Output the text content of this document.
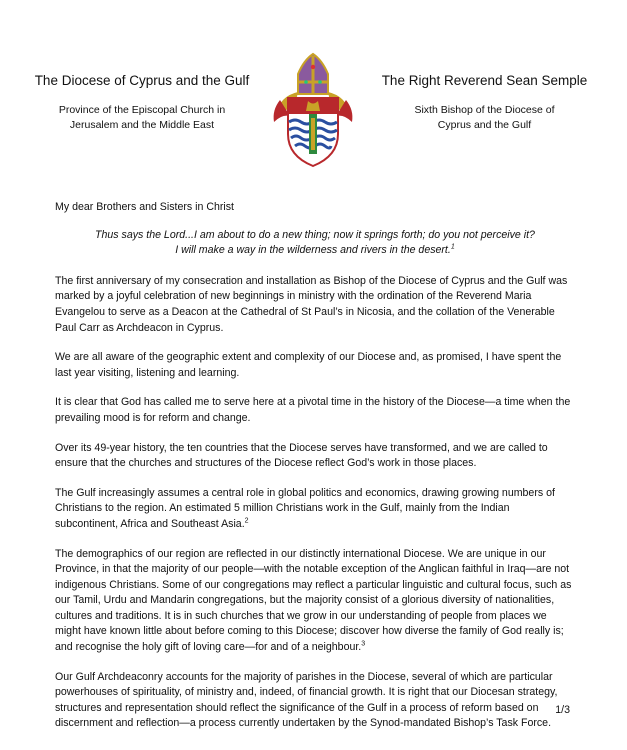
The Diocese of Cyprus and the Gulf
Province of the Episcopal Church in
Jerusalem and the Middle East
The Right Reverend Sean Semple
Sixth Bishop of the Diocese of
Cyprus and the Gulf

My dear Brothers and Sisters in Christ

Thus says the Lord...I am about to do a new thing; now it springs forth; do you not perceive it?
I will make a way in the wilderness and rivers in the desert.$^1$

The first anniversary of my consecration and installation as Bishop of the Diocese of Cyprus and the Gulf was marked by a joyful celebration of new beginnings in ministry with the ordination of the Reverend Maria Evangelou to serve as a Deacon at the Cathedral of St Paul’s in Nicosia, and the collation of the Venerable Paul Carr as Archdeacon in Cyprus.

We are all aware of the geographic extent and complexity of our Diocese and, as promised, I have spent the last year visiting, listening and learning.

It is clear that God has called me to serve here at a pivotal time in the history of the Diocese—a time when the prevailing mood is for reform and change.

Over its 49-year history, the ten countries that the Diocese serves have transformed, and we are called to ensure that the churches and structures of the Diocese reflect God’s work in those places.

The Gulf increasingly assumes a central role in global politics and economics, drawing growing numbers of Christians to the region. An estimated 5 million Christians work in the Gulf, mainly from the Indian subcontinent, Africa and Southeast Asia.$^2$

The demographics of our region are reflected in our distinctly international Diocese. We are unique in our Province, in that the majority of our people—with the notable exception of the Anglican faithful in Iraq—are not indigenous Christians. Some of our congregations may reflect a particular linguistic and cultural focus, such as our Tamil, Urdu and Mandarin congregations, but the majority consist of a glorious diversity of nationalities, cultures and traditions. It is in such churches that we grow in our understanding of people from places we might have known little about before coming to this Diocese; discover how diverse the family of God really is; and recognise the holy gift of loving care—for and of a neighbour.$^3$

Our Gulf Archdeaconry accounts for the majority of parishes in the Diocese, several of which are particular powerhouses of spirituality, of ministry and, indeed, of financial growth. It is right that our Diocesan strategy, structures and representation should reflect the significance of the Gulf in a process of reform based on discernment and reflection—a process currently undertaken by the Synod-mandated Bishop’s Task Force.

1/3
